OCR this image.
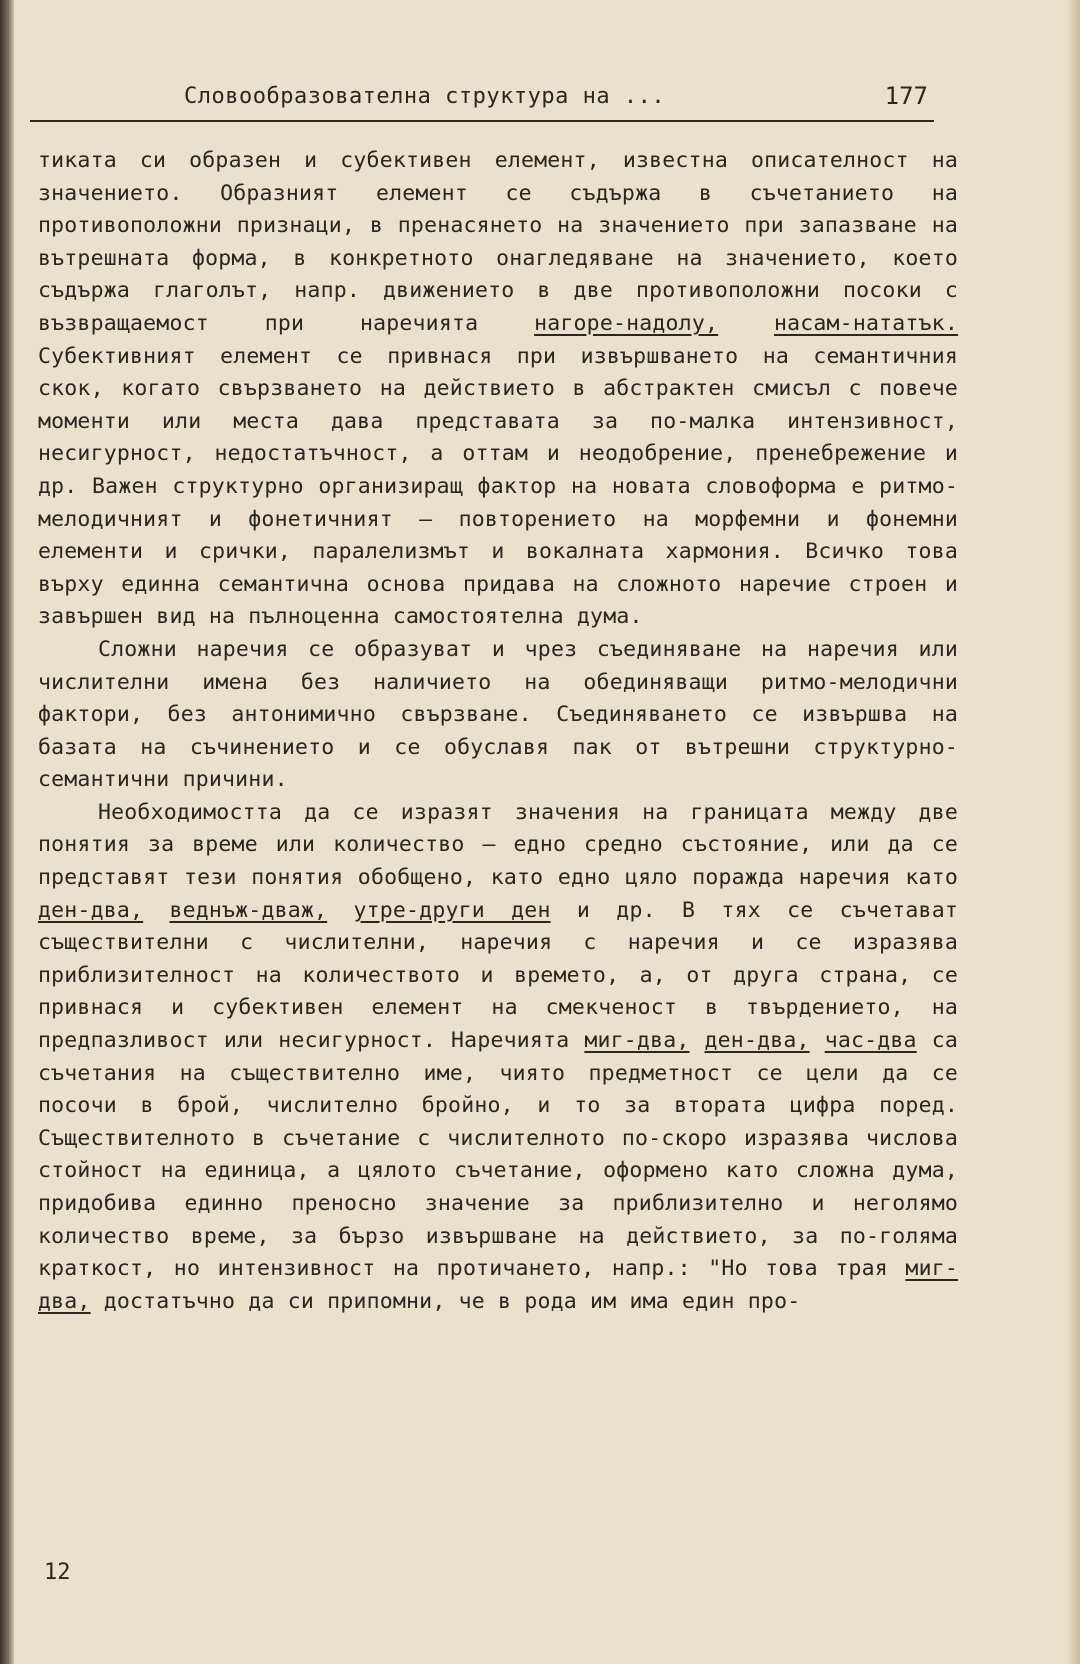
Словообразователна структура на ...	177

тиката си образен и субективен елемент, известна описателност на значението. Образният елемент се съдържа в съчетанието на противоположни признаци, в пренасянето на значението при запазване на вътрешната форма, в конкретното онагледяване на значението, което съдържа глаголът, напр. движението в две противоположни посоки с възвращаемост при наречията нагоре-надолу,	насам-нататък. Субективният елемент се привнася при извършването на семантичния скок, когато свързването на действието в абстрактен смисъл с повече моменти или места дава представата за по-малка интензивност, несигурност, недостатъчност, а оттам и неодобрение, пренебрежение и др. Важен структурно организиращ фактор на новата словоформа е ритмо-мелодичният и фонетичният – повторението на морфемни и фонемни елементи и срички, паралелизмът и вокалната хармония. Всичко това върху единна семантична основа придава на сложното наречие строен и завършен вид на пълноценна самостоятелна дума.

Сложни наречия се образуват и чрез съединяване на наречия или числителни имена без наличието на обединяващи ритмо-мелодични фактори, без антонимично свързване. Съединяването се извършва на базата на съчинението и се обуславя пак от вътрешни структурно-семантични причини.

Необходимостта да се изразят значения на границата между две понятия за време или количество – едно средно състояние, или да се представят тези понятия обобщено, като едно цяло поражда наречия като ден-два, веднъж-дваж, утре-други ден и др. В тях се съчетават съществителни с числителни, наречия с наречия и се изразява приблизителност на количеството и времето, а, от друга страна, се привнася и субективен елемент на смекченост в твърдението, на предпазливост или несигурност. Наречията миг-два, ден-два, час-два са съчетания на съществително име, чиято предметност се цели да се посочи в брой, числително бройно, и то за втората цифра поред. Съществителното в съчетание с числителното по-скоро изразява числова стойност на единица, а цялото съчетание, оформено като сложна дума, придобива единно преносно значение за приблизително и неголямо количество време, за бързо извършване на действието, за по-голяма краткост, но интензивност на протичането, напр.: "Но това трая миг-два, достатъчно да си припомни, че в рода им има един про-

12
